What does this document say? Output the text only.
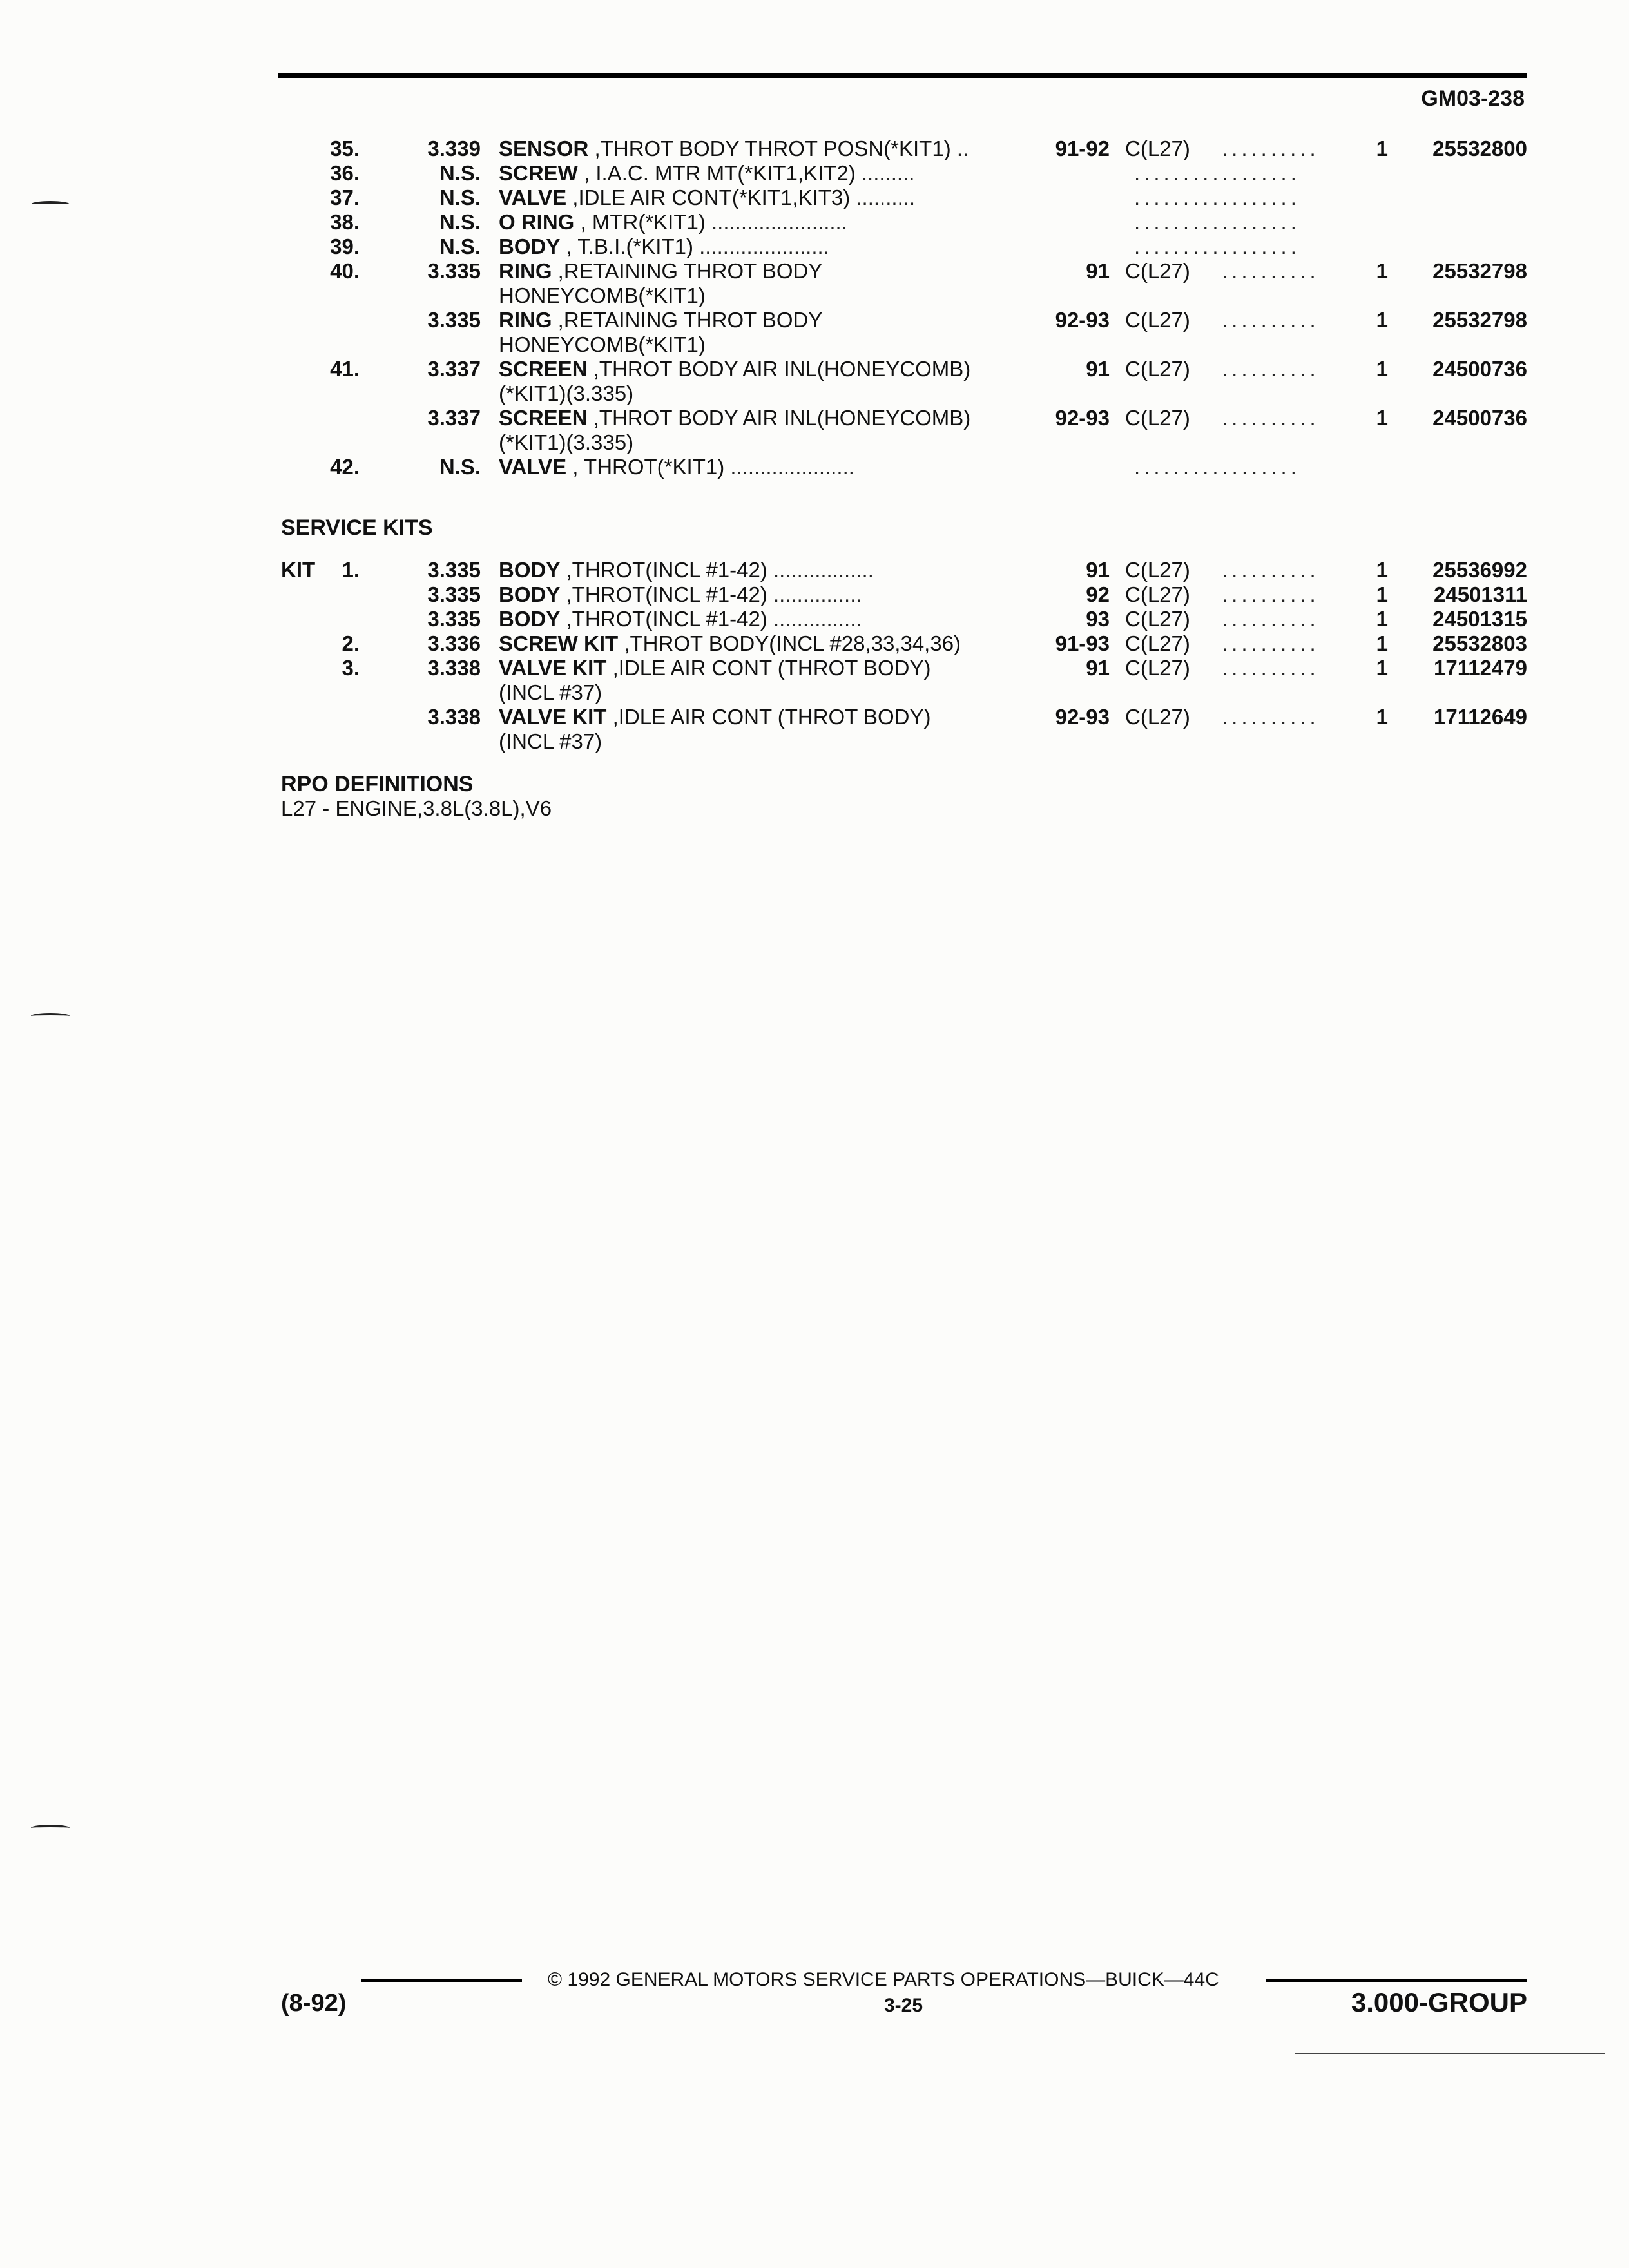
GM03-238
35.	3.339 SENSOR ,THROT BODY THROT POSN(*KIT1) ..	91-92 C(L27) ..........	1	25532800
36.	N.S. SCREW , I.A.C. MTR MT(*KIT1,KIT2) .........	.................
37.	N.S. VALVE ,IDLE AIR CONT(*KIT1,KIT3) ..........	.................
38.	N.S. O RING , MTR(*KIT1) .......................	.................
39.	N.S. BODY , T.B.I.(*KIT1) ......................	.................
40.	3.335 RING ,RETAINING THROT BODY	91 C(L27) ..........	1	25532798
HONEYCOMB(*KIT1)
3.335 RING ,RETAINING THROT BODY	92-93 C(L27) ..........	1	25532798
HONEYCOMB(*KIT1)
41.	3.337 SCREEN ,THROT BODY AIR INL(HONEYCOMB)	91 C(L27) ..........	1	24500736
(*KIT1)(3.335)
3.337 SCREEN ,THROT BODY AIR INL(HONEYCOMB)	92-93 C(L27) ..........	1	24500736
(*KIT1)(3.335)
42.	N.S. VALVE , THROT(*KIT1) .....................	.................
SERVICE KITS
KIT	1.	3.335 BODY ,THROT(INCL #1-42) .................	91 C(L27) ..........	1	25536992
3.335 BODY ,THROT(INCL #1-42) ...............	92 C(L27) ..........	1	24501311
3.335 BODY ,THROT(INCL #1-42) ...............	93 C(L27) ..........	1	24501315
2.	3.336 SCREW KIT ,THROT BODY(INCL #28,33,34,36)	91-93 C(L27) ..........	1	25532803
3.	3.338 VALVE KIT ,IDLE AIR CONT (THROT BODY)	91 C(L27) ..........	1	17112479
(INCL #37)
3.338 VALVE KIT ,IDLE AIR CONT (THROT BODY)	92-93 C(L27) ..........	1	17112649
(INCL #37)
RPO DEFINITIONS
L27 - ENGINE,3.8L(3.8L),V6
© 1992 GENERAL MOTORS SERVICE PARTS OPERATIONS—BUICK—44C
(8-92)	3-25	3.000-GROUP
